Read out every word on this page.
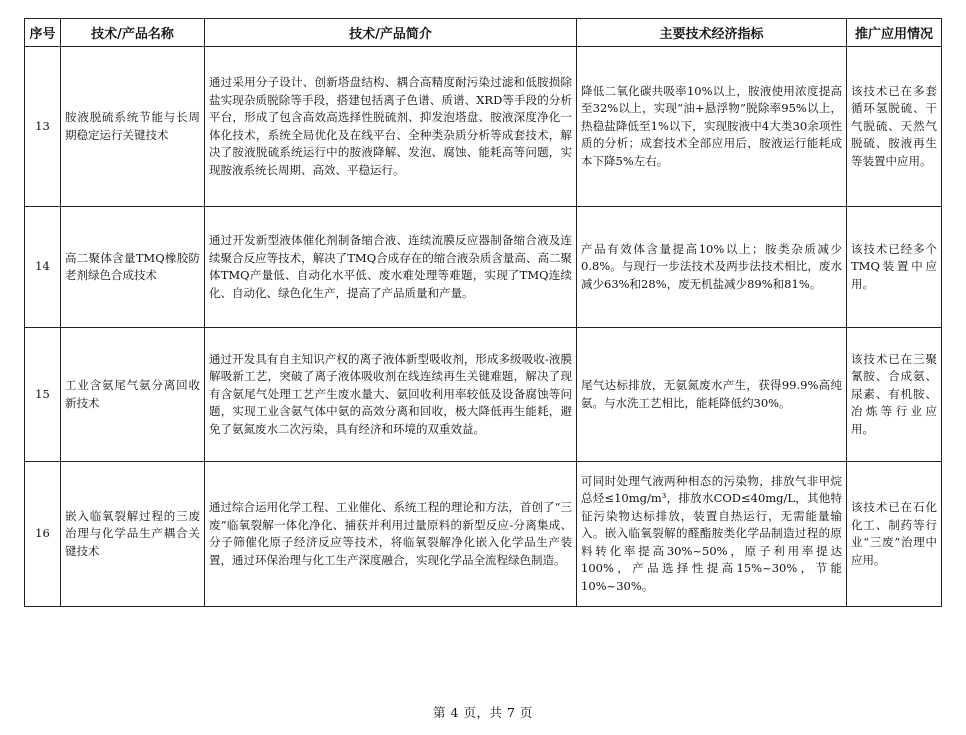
序号	技术/产品名称	技术/产品简介	主要技术经济指标	推广应用情况
13	胺液脱硫系统节能与长周期稳定运行关键技术	通过采用分子设计、创新塔盘结构、耦合高精度耐污染过滤和低胺损除盐实现杂质脱除等手段，搭建包括离子色谱、质谱、XRD等手段的分析平台，形成了包含高效高选择性脱硫剂、抑发泡塔盘、胺液深度净化一体化技术，系统全局优化及在线平台、全种类杂质分析等成套技术，解决了胺液脱硫系统运行中的胺液降解、发泡、腐蚀、能耗高等问题，实现胺液系统长周期、高效、平稳运行。	降低二氧化碳共吸率10%以上，胺液使用浓度提高至32%以上，实现“油+悬浮物”脱除率95%以上，热稳盐降低至1%以下，实现胺液中4大类30余项性质的分析；成套技术全部应用后，胺液运行能耗成本下降5%左右。	该技术已在多套循环氢脱硫、干气脱硫、天然气脱硫、胺液再生等装置中应用。
14	高二聚体含量TMQ橡胶防老剂绿色合成技术	通过开发新型液体催化剂制备缩合液、连续流膜反应器制备缩合液及连续聚合反应等技术，解决了TMQ合成存在的缩合液杂质含量高、高二聚体TMQ产量低、自动化水平低、废水难处理等难题，实现了TMQ连续化、自动化、绿色化生产，提高了产品质量和产量。	产品有效体含量提高10%以上；胺类杂质减少0.8%。与现行一步法技术及两步法技术相比，废水减少63%和28%，废无机盐减少89%和81%。	该技术已经多个TMQ装置中应用。
15	工业含氨尾气氨分离回收新技术	通过开发具有自主知识产权的离子液体新型吸收剂，形成多级吸收-液膜解吸新工艺，突破了离子液体吸收剂在线连续再生关键难题，解决了现有含氨尾气处理工艺产生废水量大、氨回收利用率较低及设备腐蚀等问题，实现工业含氨气体中氨的高效分离和回收，极大降低再生能耗，避免了氨氮废水二次污染，具有经济和环境的双重效益。	尾气达标排放，无氨氮废水产生，获得99.9%高纯氨。与水洗工艺相比，能耗降低约30%。	该技术已在三聚氰胺、合成氨、尿素、有机胺、冶炼等行业应用。
16	嵌入临氧裂解过程的三废治理与化学品生产耦合关键技术	通过综合运用化学工程、工业催化、系统工程的理论和方法，首创了“三废”临氧裂解一体化净化、捕获并利用过量原料的新型反应-分离集成、分子筛催化原子经济反应等技术，将临氧裂解净化嵌入化学品生产装置，通过环保治理与化工生产深度融合，实现化学品全流程绿色制造。	可同时处理气液两种相态的污染物，排放气非甲烷总烃≤10mg/m³，排放水COD≤40mg/L，其他特征污染物达标排放，装置自热运行，无需能量输入。嵌入临氧裂解的醛酯胺类化学品制造过程的原料转化率提高30%~50%，原子利用率提达100%，产品选择性提高15%~30%，节能10%~30%。	该技术已在石化化工、制药等行业“三废”治理中应用。
第 4 页，共 7 页
